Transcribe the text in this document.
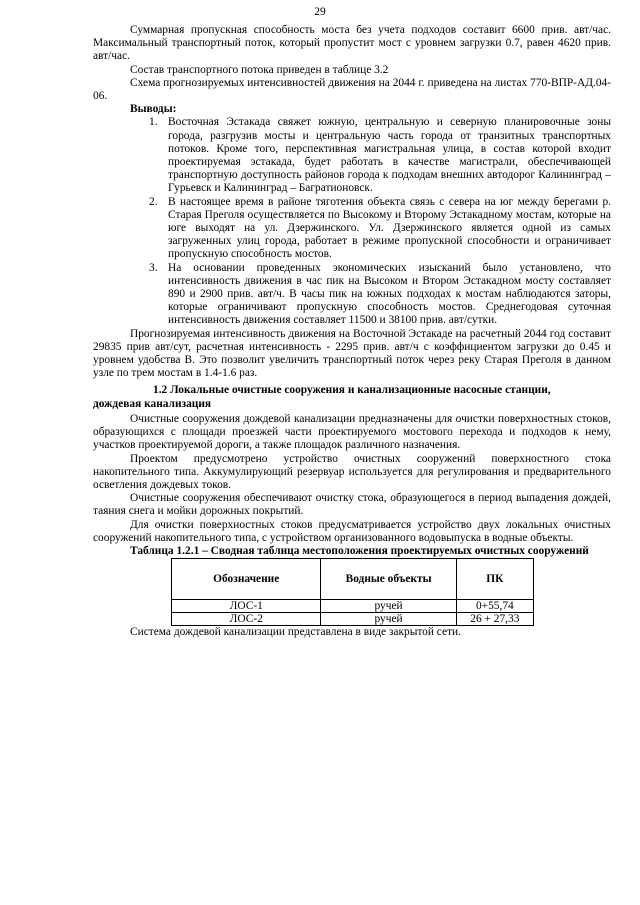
29

Суммарная пропускная способность моста без учета подходов составит 6600 прив. авт/час. Максимальный транспортный поток, который пропустит мост с уровнем загрузки 0.7, равен 4620 прив. авт/час.

Состав транспортного потока приведен в таблице 3.2

Схема прогнозируемых интенсивностей движения на 2044 г. приведена на листах 770-ВПР-АД.04-06.

Выводы:

1. Восточная Эстакада свяжет южную, центральную и северную планировочные зоны города, разгрузив мосты и центральную часть города от транзитных транспортных потоков. Кроме того, перспективная магистральная улица, в состав которой входит проектируемая эстакада, будет работать в качестве магистрали, обеспечивающей транспортную доступность районов города к подходам внешних автодорог Калининград – Гурьевск и Калининград – Багратионовск.
2. В настоящее время в районе тяготения объекта связь с севера на юг между берегами р. Старая Преголя осуществляется по Высокому и Второму Эстакадному мостам, которые на юге выходят на ул. Дзержинского. Ул. Дзержинского является одной из самых загруженных улиц города, работает в режиме пропускной способности и ограничивает пропускную способность мостов.
3. На основании проведенных экономических изысканий было установлено, что интенсивность движения в час пик на Высоком и Втором Эстакадном мосту составляет 890 и 2900 прив. авт/ч. В часы пик на южных подходах к мостам наблюдаются заторы, которые ограничивают пропускную способность мостов. Среднегодовая суточная интенсивность движения составляет 11500 и 38100 прив. авт/сутки.

Прогнозируемая интенсивность движения на Восточной Эстакаде на расчетный 2044 год составит 29835 прив авт/сут, расчетная интенсивность - 2295 прив. авт/ч с коэффициентом загрузки до 0.45 и уровнем удобства В. Это позволит увеличить транспортный поток через реку Старая Преголя в данном узле по трем мостам в 1.4-1.6 раз.

1.2 Локальные очистные сооружения и канализационные насосные станции,
дождевая канализация

Очистные сооружения дождевой канализации предназначены для очистки поверхностных стоков, образующихся с площади проезжей части проектируемого мостового перехода и подходов к нему, участков проектируемой дороги, а также площадок различного назначения.

Проектом предусмотрено устройство очистных сооружений поверхностного стока накопительного типа. Аккумулирующий резервуар используется для регулирования и предварительного осветления дождевых токов.

Очистные сооружения обеспечивают очистку стока, образующегося в период выпадения дождей, таяния снега и мойки дорожных покрытий.

Для очистки поверхностных стоков предусматривается устройство двух локальных очистных сооружений накопительного типа, с устройством организованного водовыпуска в водные объекты.

Таблица 1.2.1 – Сводная таблица местоположения проектируемых очистных сооружений

Обозначение	Водные объекты	ПК
ЛОС-1	ручей	0+55,74
ЛОС-2	ручей	26 + 27,33

Система дождевой канализации представлена в виде закрытой сети.
